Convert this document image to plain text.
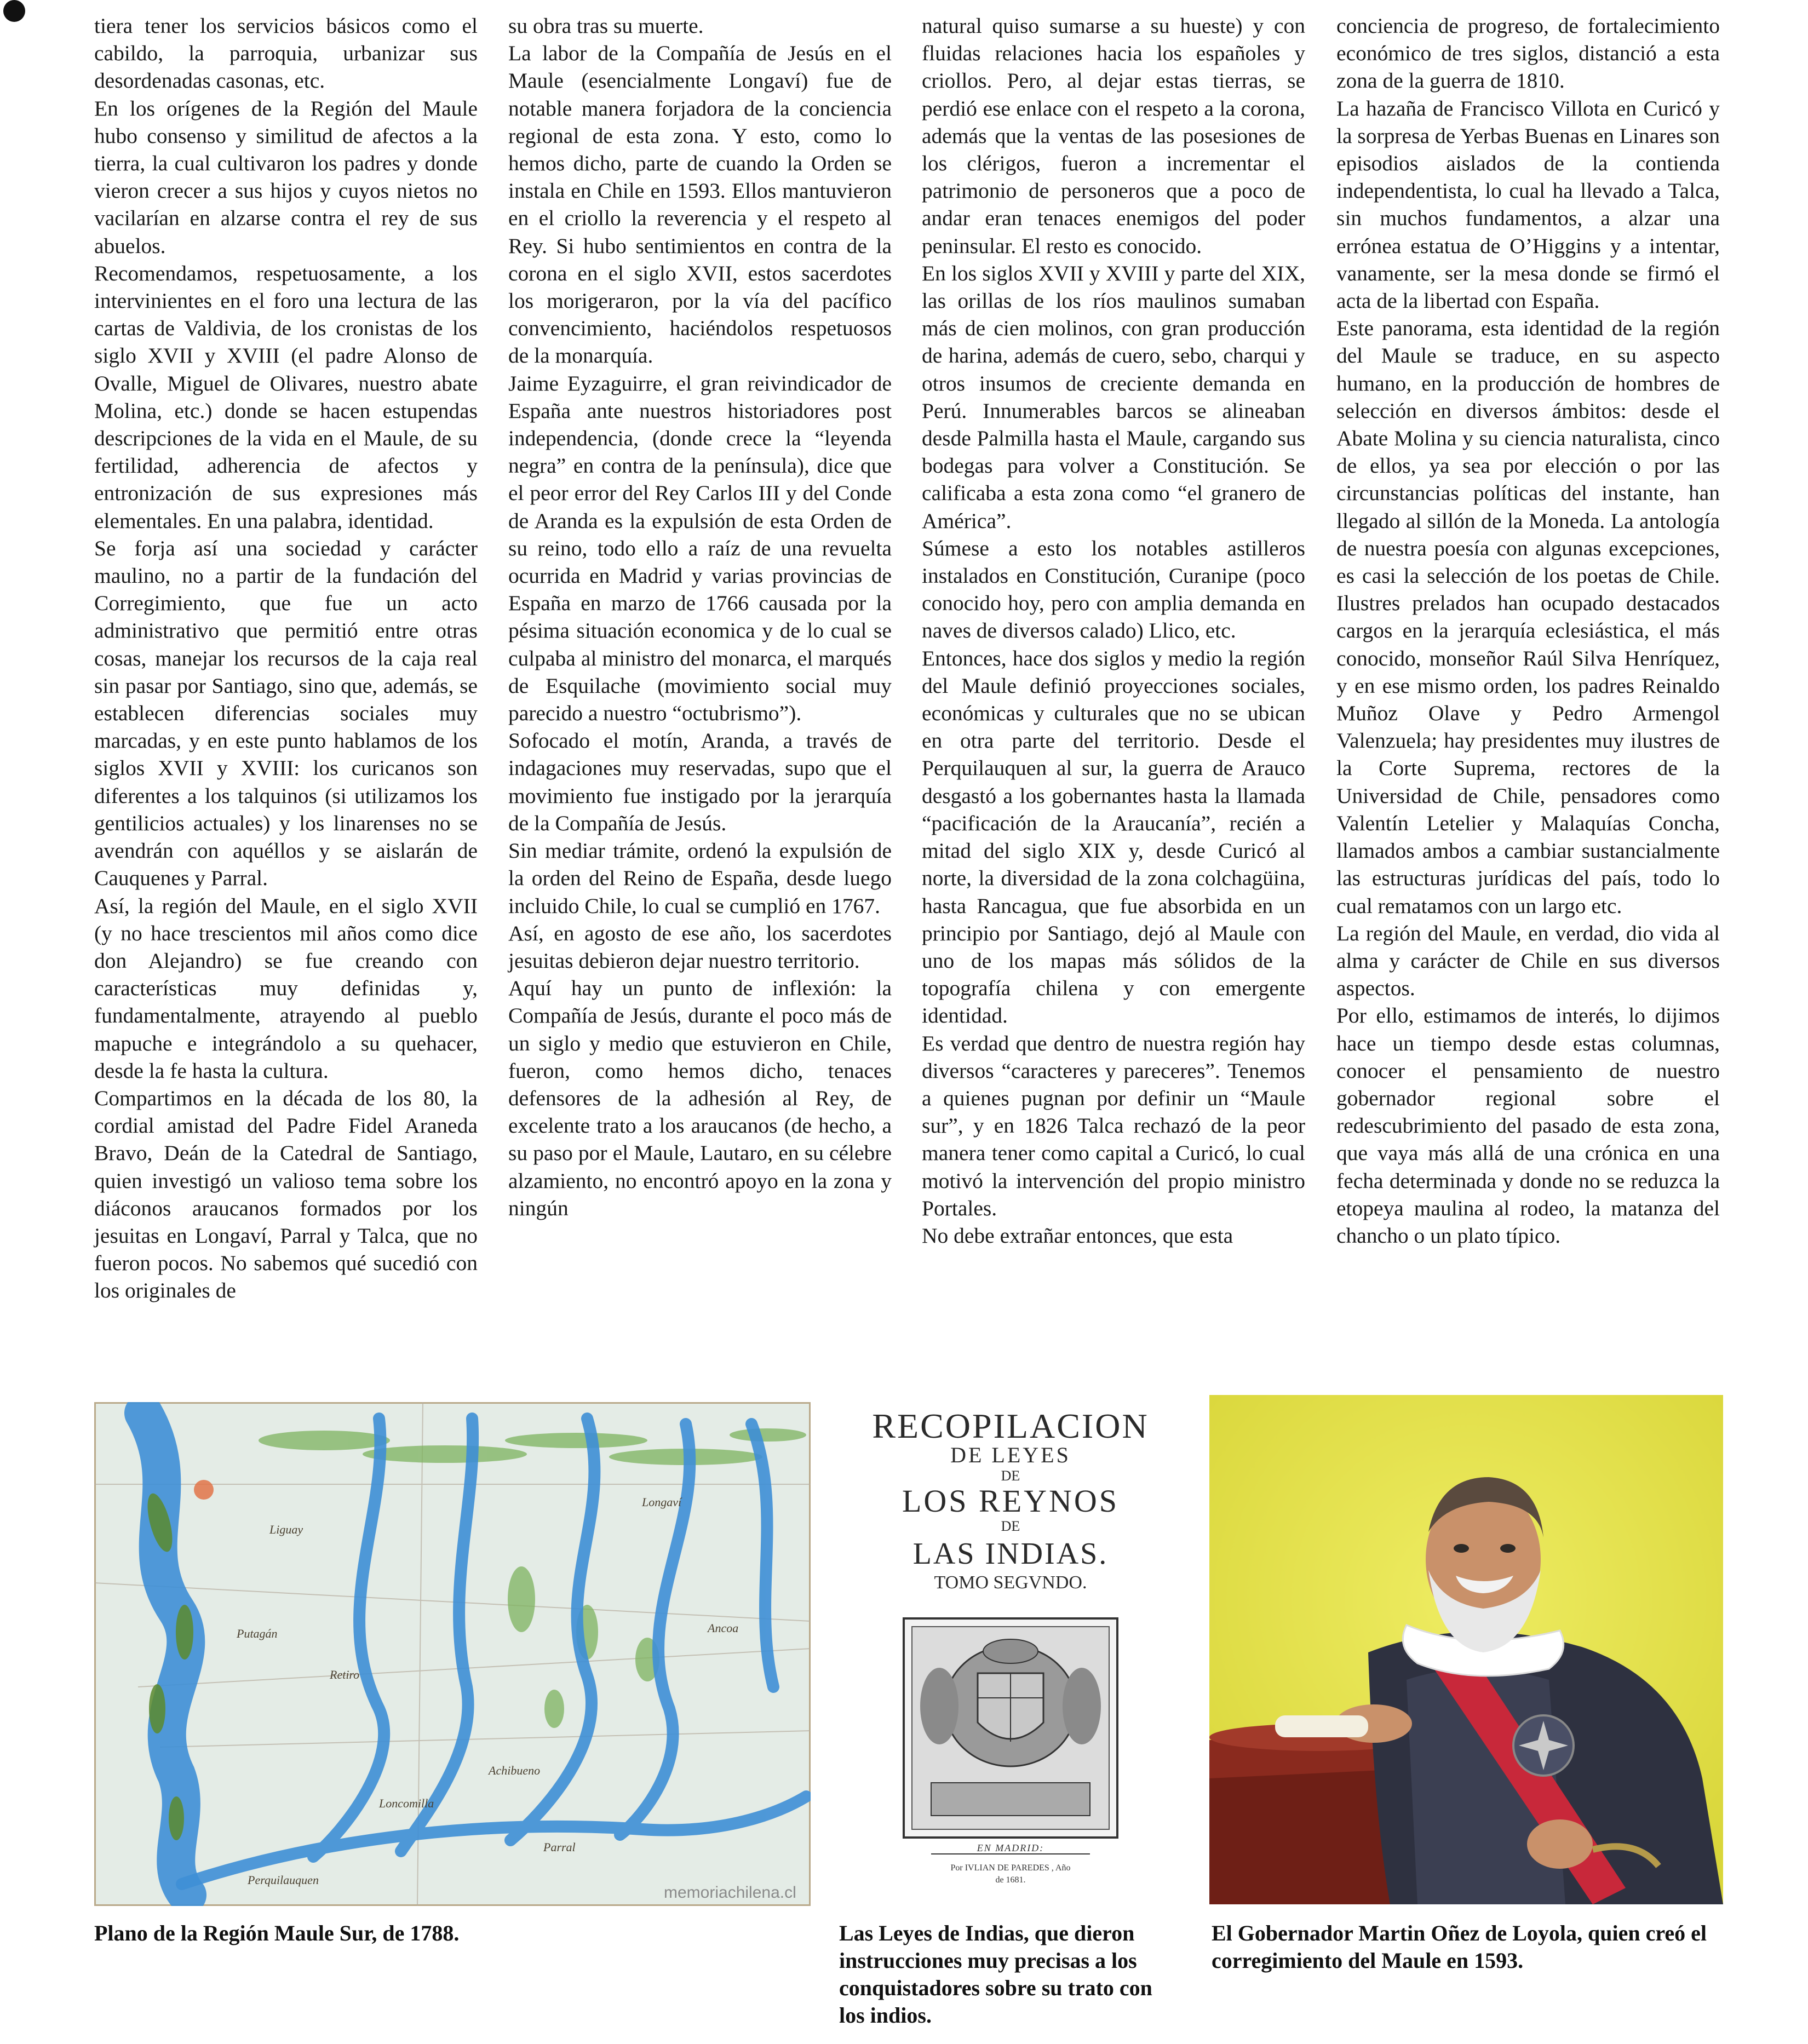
tiera tener los servicios básicos como el cabildo, la parroquia, urbanizar sus desordenadas casonas, etc.

En los orígenes de la Región del Maule hubo consenso y similitud de afectos a la tierra, la cual cultivaron los padres y donde vieron crecer a sus hijos y cuyos nietos no vacilarían en alzarse contra el rey de sus abuelos.

Recomendamos, respetuosamente, a los intervinientes en el foro una lectura de las cartas de Valdivia, de los cronistas de los siglo XVII y XVIII (el padre Alonso de Ovalle, Miguel de Olivares, nuestro abate Molina, etc.) donde se hacen estupendas descripciones de la vida en el Maule, de su fertilidad, adherencia de afectos y entronización de sus expresiones más elementales. En una palabra, identidad.

Se forja así una sociedad y carácter maulino, no a partir de la fundación del Corregimiento, que fue un acto administrativo que permitió entre otras cosas, manejar los recursos de la caja real sin pasar por Santiago, sino que, además, se establecen diferencias sociales muy marcadas, y en este punto hablamos de los siglos XVII y XVIII: los curicanos son diferentes a los talquinos (si utilizamos los gentilicios actuales) y los linarenses no se avendrán con aquéllos y se aislarán de Cauquenes y Parral.

Así, la región del Maule, en el siglo XVII (y no hace trescientos mil años como dice don Alejandro) se fue creando con características muy definidas y, fundamentalmente, atrayendo al pueblo mapuche e integrándolo a su quehacer, desde la fe hasta la cultura.

Compartimos en la década de los 80, la cordial amistad del Padre Fidel Araneda Bravo, Deán de la Catedral de Santiago, quien investigó un valioso tema sobre los diáconos araucanos formados por los jesuitas en Longaví, Parral y Talca, que no fueron pocos. No sabemos qué sucedió con los originales de

su obra tras su muerte.

La labor de la Compañía de Jesús en el Maule (esencialmente Longaví) fue de notable manera forjadora de la conciencia regional de esta zona. Y esto, como lo hemos dicho, parte de cuando la Orden se instala en Chile en 1593. Ellos mantuvieron en el criollo la reverencia y el respeto al Rey. Si hubo sentimientos en contra de la corona en el siglo XVII, estos sacerdotes los morigeraron, por la vía del pacífico convencimiento, haciéndolos respetuosos de la monarquía.

Jaime Eyzaguirre, el gran reivindicador de España ante nuestros historiadores post independencia, (donde crece la “leyenda negra” en contra de la península), dice que el peor error del Rey Carlos III y del Conde de Aranda es la expulsión de esta Orden de su reino, todo ello a raíz de una revuelta ocurrida en Madrid y varias provincias de España en marzo de 1766 causada por la pésima situación economica y de lo cual se culpaba al ministro del monarca, el marqués de Esquilache (movimiento social muy parecido a nuestro “octubrismo”).

Sofocado el motín, Aranda, a través de indagaciones muy reservadas, supo que el movimiento fue instigado por la jerarquía de la Compañía de Jesús.

Sin mediar trámite, ordenó la expulsión de la orden del Reino de España, desde luego incluido Chile, lo cual se cumplió en 1767.

Así, en agosto de ese año, los sacerdotes jesuitas debieron dejar nuestro territorio.

Aquí hay un punto de inflexión: la Compañía de Jesús, durante el poco más de un siglo y medio que estuvieron en Chile, fueron, como hemos dicho, tenaces defensores de la adhesión al Rey, de excelente trato a los araucanos (de hecho, a su paso por el Maule, Lautaro, en su célebre alzamiento, no encontró apoyo en la zona y ningún

natural quiso sumarse a su hueste) y con fluidas relaciones hacia los españoles y criollos. Pero, al dejar estas tierras, se perdió ese enlace con el respeto a la corona, además que la ventas de las posesiones de los clérigos, fueron a incrementar el patrimonio de personeros que a poco de andar eran tenaces enemigos del poder peninsular. El resto es conocido.

En los siglos XVII y XVIII y parte del XIX, las orillas de los ríos maulinos sumaban más de cien molinos, con gran producción de harina, además de cuero, sebo, charqui y otros insumos de creciente demanda en Perú. Innumerables barcos se alineaban desde Palmilla hasta el Maule, cargando sus bodegas para volver a Constitución. Se calificaba a esta zona como “el granero de América”.

Súmese a esto los notables astilleros instalados en Constitución, Curanipe (poco conocido hoy, pero con amplia demanda en naves de diversos calado) Llico, etc.

Entonces, hace dos siglos y medio la región del Maule definió proyecciones sociales, económicas y culturales que no se ubican en otra parte del territorio. Desde el Perquilauquen al sur, la guerra de Arauco desgastó a los gobernantes hasta la llamada “pacificación de la Araucanía”, recién a mitad del siglo XIX y, desde Curicó al norte, la diversidad de la zona colchagüina, hasta Rancagua, que fue absorbida en un principio por Santiago, dejó al Maule con uno de los mapas más sólidos de la topografía chilena y con emergente identidad.

Es verdad que dentro de nuestra región hay diversos “caracteres y pareceres”. Tenemos a quienes pugnan por definir un “Maule sur”, y en 1826 Talca rechazó de la peor manera tener como capital a Curicó, lo cual motivó la intervención del propio ministro Portales.

No debe extrañar entonces, que esta

conciencia de progreso, de fortalecimiento económico de tres siglos, distanció a esta zona de la guerra de 1810.

La hazaña de Francisco Villota en Curicó y la sorpresa de Yerbas Buenas en Linares son episodios aislados de la contienda independentista, lo cual ha llevado a Talca, sin muchos fundamentos, a alzar una errónea estatua de O’Higgins y a intentar, vanamente, ser la mesa donde se firmó el acta de la libertad con España.

Este panorama, esta identidad de la región del Maule se traduce, en su aspecto humano, en la producción de hombres de selección en diversos ámbitos: desde el Abate Molina y su ciencia naturalista, cinco de ellos, ya sea por elección o por las circunstancias políticas del instante, han llegado al sillón de la Moneda. La antología de nuestra poesía con algunas excepciones, es casi la selección de los poetas de Chile. Ilustres prelados han ocupado destacados cargos en la jerarquía eclesiástica, el más conocido, monseñor Raúl Silva Henríquez, y en ese mismo orden, los padres Reinaldo Muñoz Olave y Pedro Armengol Valenzuela; hay presidentes muy ilustres de la Corte Suprema, rectores de la Universidad de Chile, pensadores como Valentín Letelier y Malaquías Concha, llamados ambos a cambiar sustancialmente las estructuras jurídicas del país, todo lo cual rematamos con un largo etc.

La región del Maule, en verdad, dio vida al alma y carácter de Chile en sus diversos aspectos.

Por ello, estimamos de interés, lo dijimos hace un tiempo desde estas columnas, conocer el pensamiento de nuestro gobernador regional sobre el redescubrimiento del pasado de esta zona, que vaya más allá de una crónica en una fecha determinada y donde no se reduzca la etopeya maulina al rodeo, la matanza del chancho o un plato típico.

Longaví
Parral
Retiro
Achibueno
Ancoa
Putagán
Perquilauquen
Liguay
Loncomilla
memoriachilena.cl
Plano de la Región Maule Sur, de 1788.
RECOPILACION
DE LEYES
DE
LOS REYNOS
DE
LAS INDIAS.
TOMO SEGVNDO.
EN MADRID:
Por IVLIAN DE PAREDES , Año
de 1681.
Las Leyes de Indias, que dieron instrucciones muy precisas a los conquistadores sobre su trato con los indios.
El Gobernador Martin Oñez de Loyola, quien creó el corregimiento del Maule en 1593.
